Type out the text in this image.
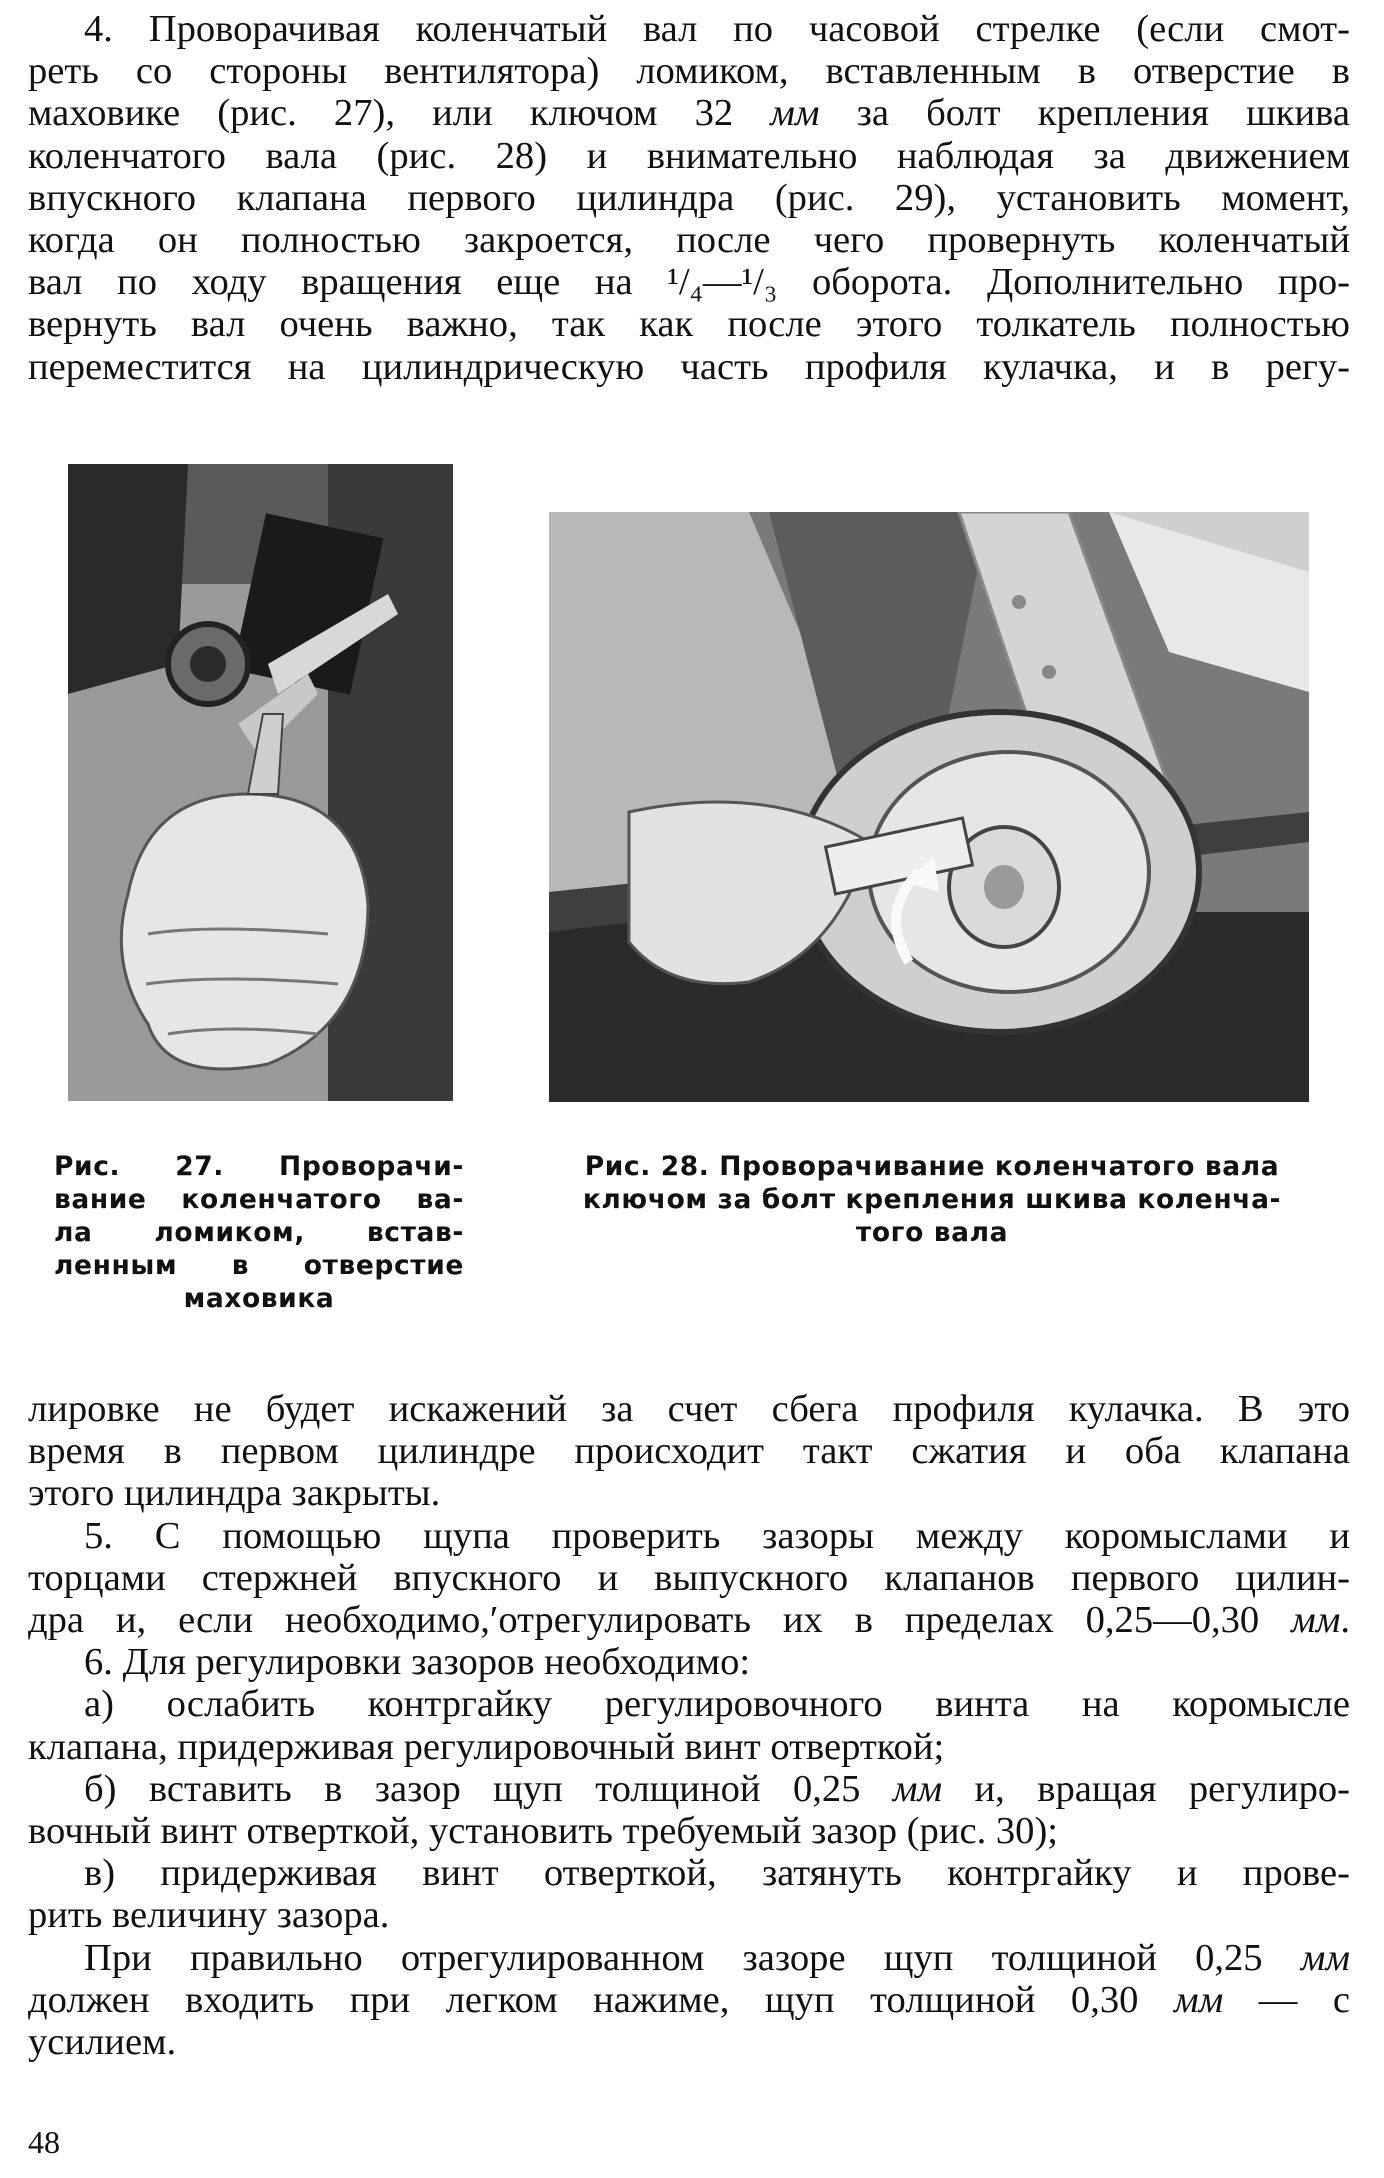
4. Проворачивая коленчатый вал по часовой стрелке (если смот-
реть со стороны вентилятора) ломиком, вставленным в отверстие в
маховике (рис. 27), или ключом 32 мм за болт крепления шкива
коленчатого вала (рис. 28) и внимательно наблюдая за движением
впускного клапана первого цилиндра (рис. 29), установить момент,
когда он полностью закроется, после чего провернуть коленчатый
вал по ходу вращения еще на ¹/₄—¹/₃ оборота. Дополнительно про-
вернуть вал очень важно, так как после этого толкатель полностью
переместится на цилиндрическую часть профиля кулачка, и в регу-
Рис. 27. Проворачи-
вание коленчатого ва-
ла ломиком, встав-
ленным в отверстие
маховика
Рис. 28. Проворачивание коленчатого вала
ключом за болт крепления шкива коленча-
того вала
лировке не будет искажений за счет сбега профиля кулачка. В это
время в первом цилиндре происходит такт сжатия и оба клапана
этого цилиндра закрыты.
5. С помощью щупа проверить зазоры между коромыслами и
торцами стержней впускного и выпускного клапанов первого цилин-
дра и, если необходимо,ʹотрегулировать их в пределах 0,25—0,30 мм.
6. Для регулировки зазоров необходимо:
а) ослабить контргайку регулировочного винта на коромысле
клапана, придерживая регулировочный винт отверткой;
б) вставить в зазор щуп толщиной 0,25 мм и, вращая регулиро-
вочный винт отверткой, установить требуемый зазор (рис. 30);
в) придерживая винт отверткой, затянуть контргайку и прове-
рить величину зазора.
При правильно отрегулированном зазоре щуп толщиной 0,25 мм
должен входить при легком нажиме, щуп толщиной 0,30 мм — с
усилием.
48
